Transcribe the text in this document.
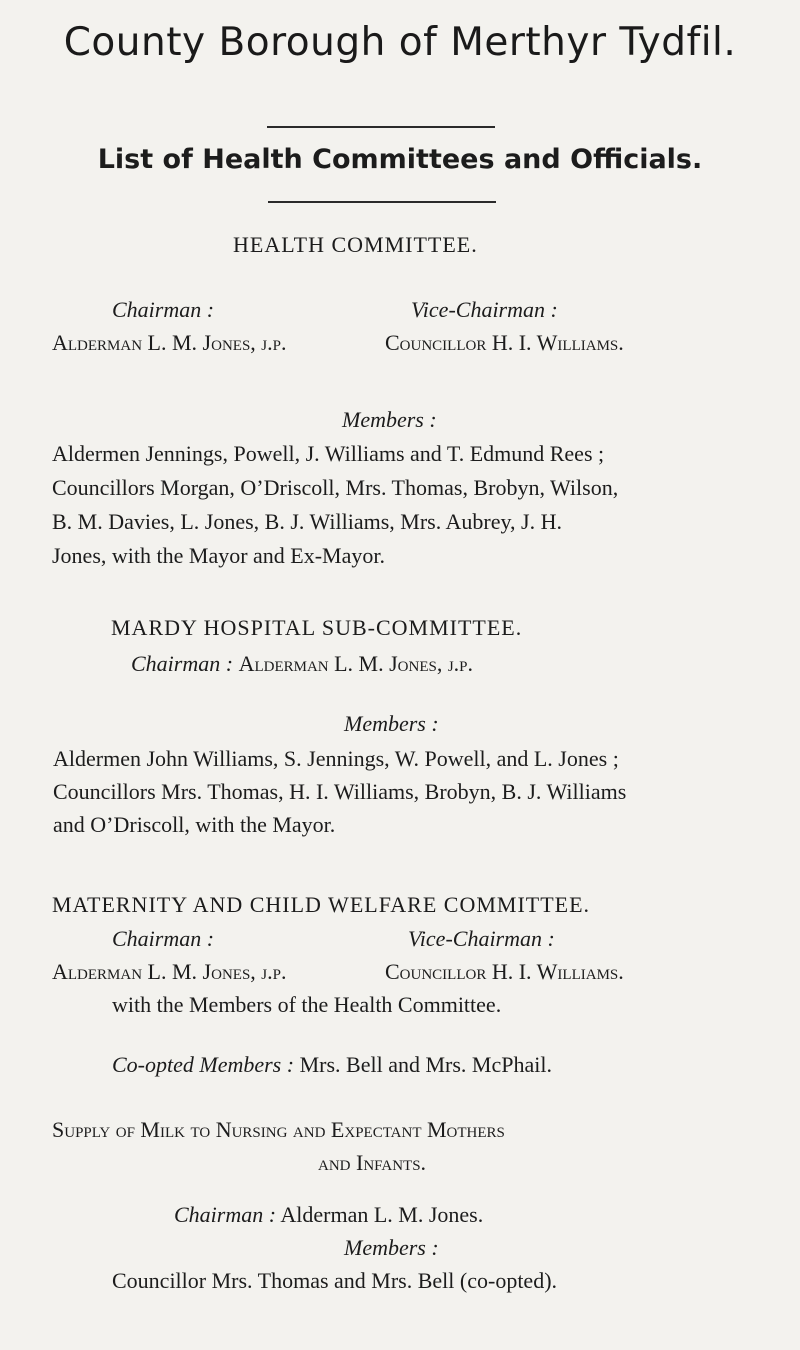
County Borough of Merthyr Tydfil.
List of Health Committees and Officials.
HEALTH COMMITTEE.
Chairman :	Vice-Chairman :
Alderman L. M. Jones, j.p.	Councillor H. I. Williams.
Members :
Aldermen Jennings, Powell, J. Williams and T. Edmund Rees ;
Councillors Morgan, O’Driscoll, Mrs. Thomas, Brobyn, Wilson,
B. M. Davies, L. Jones, B. J. Williams, Mrs. Aubrey, J. H.
Jones, with the Mayor and Ex-Mayor.
MARDY HOSPITAL SUB-COMMITTEE.
Chairman : Alderman L. M. Jones, j.p.
Members :
Aldermen John Williams, S. Jennings, W. Powell, and L. Jones ;
Councillors Mrs. Thomas, H. I. Williams, Brobyn, B. J. Williams
and O’Driscoll, with the Mayor.
MATERNITY AND CHILD WELFARE COMMITTEE.
Chairman :	Vice-Chairman :
Alderman L. M. Jones, j.p.	Councillor H. I. Williams.
with the Members of the Health Committee.
Co-opted Members : Mrs. Bell and Mrs. McPhail.
Supply of Milk to Nursing and Expectant Mothers
and Infants.
Chairman : Alderman L. M. Jones.
Members :
Councillor Mrs. Thomas and Mrs. Bell (co-opted).
